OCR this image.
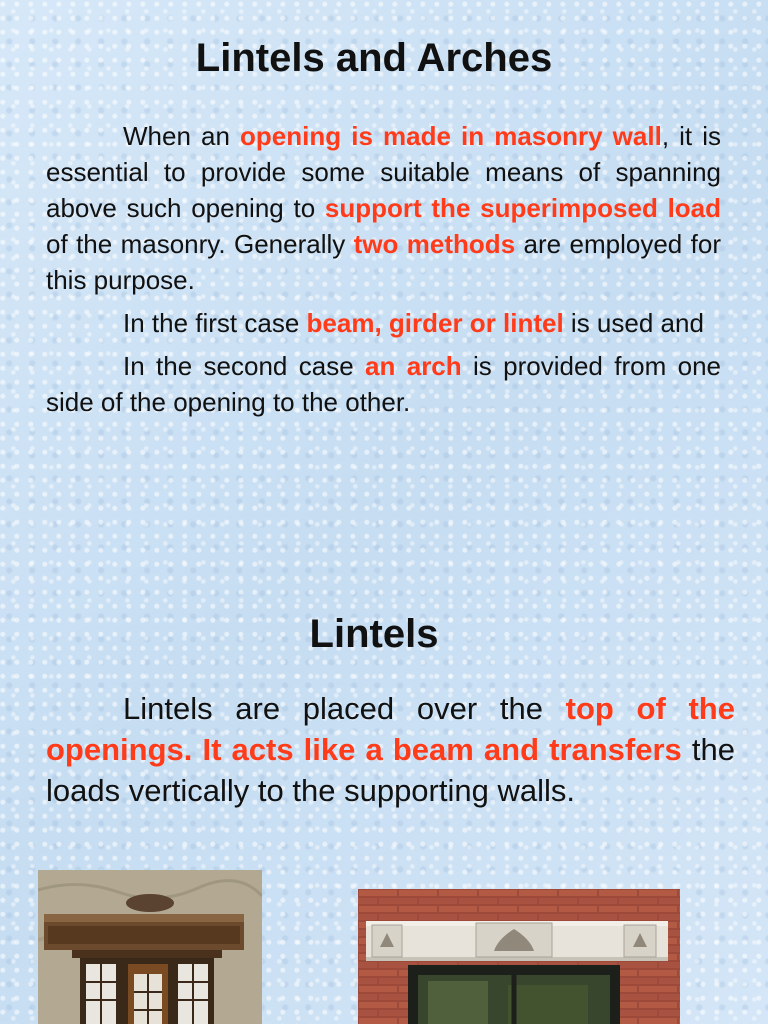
Lintels and Arches

When an opening is made in masonry wall, it is essential to provide some suitable means of spanning above such opening to support the superimposed load of the masonry. Generally two methods are employed for this purpose.

In the first case beam, girder or lintel is used and

In the second case an arch is provided from one side of the opening to the other.

Lintels

Lintels are placed over the top of the openings. It acts like a beam and transfers the loads vertically to the supporting walls.
